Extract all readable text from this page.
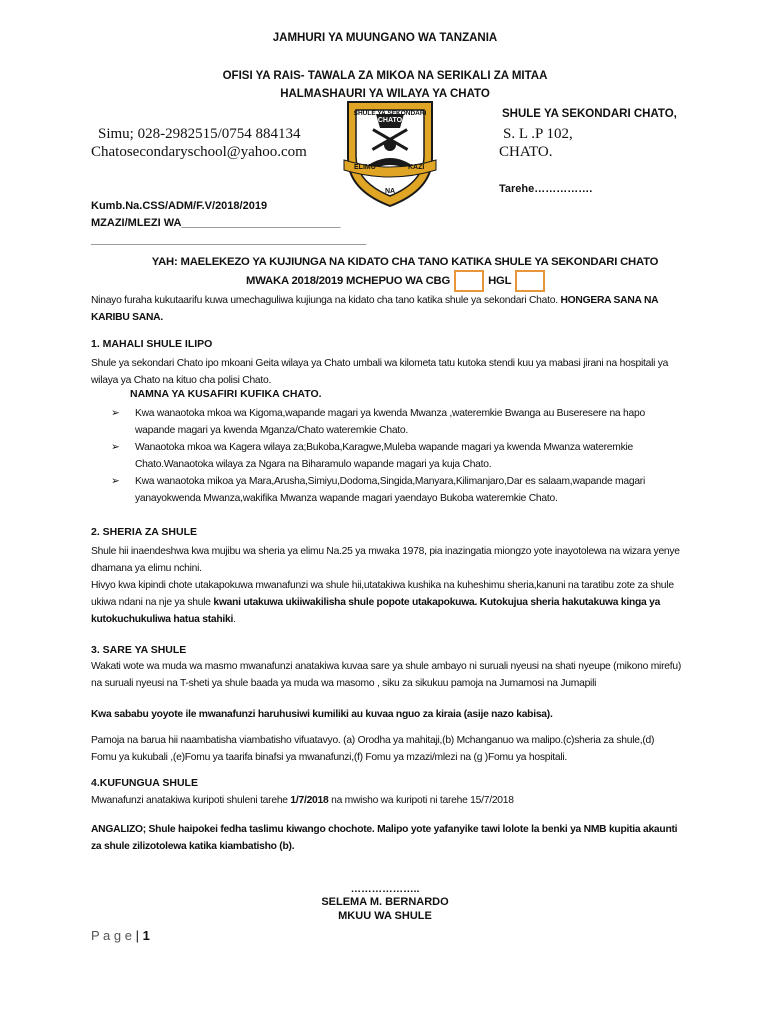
JAMHURI YA MUUNGANO WA TANZANIA
OFISI YA RAIS- TAWALA ZA MIKOA NA SERIKALI ZA MITAA
HALMASHAURI YA WILAYA YA CHATO
SHULE YA SEKONDARI CHATO,
Simu; 028-2982515/0754 884134
Chatosecondaryschool@yahoo.com
S. L .P 102,
CHATO.
Tarehe…………….
SHULE YA SEKONDARI
CHATO
ELIMU	KAZI
NA
Kumb.Na.CSS/ADM/F.V/2018/2019
MZAZI/MLEZI WA__________________________
_____________________________________________
YAH: MAELEKEZO YA KUJIUNGA NA KIDATO CHA TANO KATIKA SHULE YA SEKONDARI CHATO
MWAKA 2018/2019 MCHEPUO WA CBG	HGL
Ninayo furaha kukutaarifu kuwa umechaguliwa kujiunga na kidato cha tano katika shule ya sekondari Chato. HONGERA SANA NA KARIBU SANA.
1. MAHALI SHULE ILIPO
Shule ya sekondari Chato ipo mkoani Geita wilaya ya Chato umbali wa kilometa tatu kutoka stendi kuu ya mabasi jirani na hospitali ya wilaya ya Chato na kituo cha polisi Chato.
NAMNA YA KUSAFIRI KUFIKA CHATO.
➢ Kwa wanaotoka mkoa wa Kigoma,wapande magari ya kwenda Mwanza ,wateremkie Bwanga au Buseresere na hapo wapande magari ya kwenda Mganza/Chato wateremkie Chato.
➢ Wanaotoka mkoa wa Kagera wilaya za;Bukoba,Karagwe,Muleba wapande magari ya kwenda Mwanza wateremkie Chato.Wanaotoka wilaya za Ngara na Biharamulo wapande magari ya kuja Chato.
➢ Kwa wanaotoka mikoa ya Mara,Arusha,Simiyu,Dodoma,Singida,Manyara,Kilimanjaro,Dar es salaam,wapande magari yanayokwenda Mwanza,wakifika Mwanza wapande magari yaendayo Bukoba wateremkie Chato.
2. SHERIA ZA SHULE
Shule hii inaendeshwa kwa mujibu wa sheria ya elimu Na.25 ya mwaka 1978, pia inazingatia miongzo yote inayotolewa na wizara yenye dhamana ya elimu nchini.
Hivyo kwa kipindi chote utakapokuwa mwanafunzi wa shule hii,utatakiwa kushika na kuheshimu sheria,kanuni na taratibu zote za shule ukiwa ndani na nje ya shule kwani utakuwa ukiiwakilisha shule popote utakapokuwa. Kutokujua sheria hakutakuwa kinga ya kutokuchukuliwa hatua stahiki.
3. SARE YA SHULE
Wakati wote wa muda wa masmo mwanafunzi anatakiwa kuvaa sare ya shule ambayo ni suruali nyeusi na shati nyeupe (mikono mirefu) na suruali nyeusi na T-sheti ya shule baada ya muda wa masomo , siku za sikukuu pamoja na Jumamosi na Jumapili
Kwa sababu yoyote ile mwanafunzi haruhusiwi kumiliki au kuvaa nguo za kiraia (asije nazo kabisa).
Pamoja na barua hii naambatisha viambatisho vifuatavyo. (a) Orodha ya mahitaji,(b) Mchanganuo wa malipo.(c)sheria za shule,(d) Fomu ya kukubali ,(e)Fomu ya taarifa binafsi ya mwanafunzi,(f) Fomu ya mzazi/mlezi na (g )Fomu ya hospitali.
4.KUFUNGUA SHULE
Mwanafunzi anatakiwa kuripoti shuleni tarehe 1/7/2018 na mwisho wa kuripoti ni tarehe 15/7/2018
ANGALIZO; Shule haipokei fedha taslimu kiwango chochote. Malipo yote yafanyike tawi lolote la benki ya NMB kupitia akaunti za shule zilizotolewa katika kiambatisho (b).
………………..
SELEMA M. BERNARDO
MKUU WA SHULE
P a g e | 1
